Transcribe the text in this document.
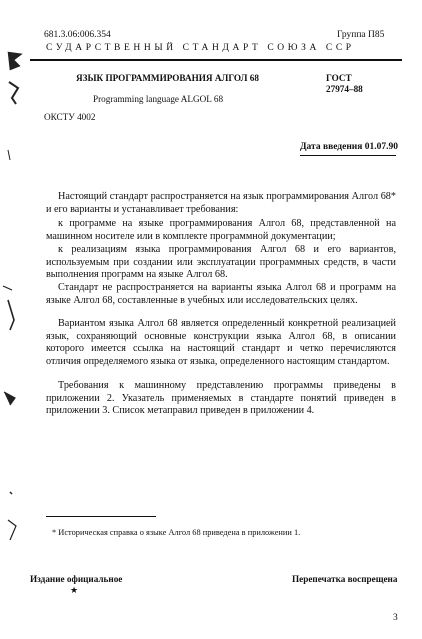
681.3.06:006.354	Группа П85
СУДАРСТВЕННЫЙ СТАНДАРТ СОЮЗА ССР
ЯЗЫК ПРОГРАММИРОВАНИЯ АЛГОЛ 68	ГОСТ
27974–88
Programming language ALGOL 68
ОКСТУ 4002
Дата введения 01.07.90
Настоящий стандарт распространяется на язык программирования Алгол 68* и его варианты и устанавливает требования:
к программе на языке программирования Алгол 68, представленной на машинном носителе или в комплекте программной документации;
к реализациям языка программирования Алгол 68 и его вариантов, используемым при создании или эксплуатации программных средств, в части выполнения программ на языке Алгол 68.
Стандарт не распространяется на варианты языка Алгол 68 и программ на языке Алгол 68, составленные в учебных или исследовательских целях.
Вариантом языка Алгол 68 является определенный конкретной реализацией язык, сохраняющий основные конструкции языка Алгол 68, в описании которого имеется ссылка на настоящий стандарт и четко перечисляются отличия определяемого языка от языка, определенного настоящим стандартом.
Требования к машинному представлению программы приведены в приложении 2. Указатель применяемых в стандарте понятий приведен в приложении 3. Список метаправил приведен в приложении 4.
* Историческая справка о языке Алгол 68 приведена в приложении 1.
Издание официальное
★
Перепечатка воспрещена
3
